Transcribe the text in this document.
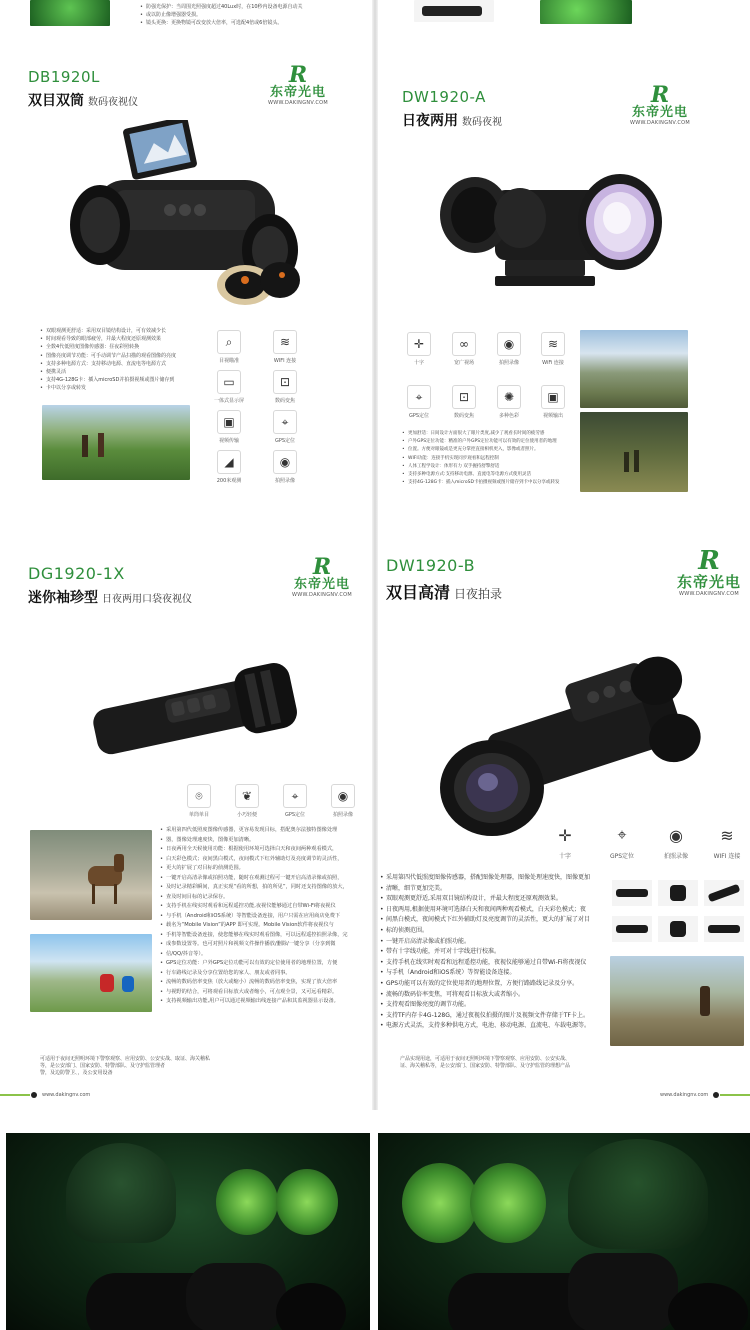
• 防强光保护：当周围光照强度超过40Lux时，在10秒内设备电源自动关
• 或以防止像增强器受损。
• 镜头更换：更换物镜可改变放大倍率，可选配4倍或6倍镜头。
DB1920L
双目双筒 数码夜视仪
R
东帝光电
WWW.DAKINGNV.COM
• 双眼观测更舒适：采用双目镜结构设计，可有效减少长
• 时间观看导致的眼部疲劳，并最大程度还原观测效果
• 全数4代低照度图像传感器：昼夜彩照转换
• 图像亮度调节功能：可手动调节产品扫描的观看图像的亮度
• 支持多种电源方式：支持移动电源、直流电等电源方式
• 便携灵活
• 支持4G-128G卡：插入microSD并拍摄视频或图片储存到
• 卡中以分享或转发
⌕
目视瞄准
≋
WIFI 连接
▭
一体式显示屏
⊡
数码变焦
▣
视频传输
⌖
GPS定位
◢
200米观测
◉
拍照录像
DW1920-A
日夜两用 数码夜视
R
东帝光电
WWW.DAKINGNV.COM
✛
十字
∞
宽广视场
◉
拍照录像
≋
WiFi 连接
⌖
GPS定位
⊡
数码变焦
✺
多种色彩
▣
视频输出
• 更加舒适：日间设计方面很大了眼片类度,减少了观看长时间的疲劳感
• 户外GPS定位功能：精准的户外GPS定位功能可以有效的定位使用者的地理
• 位置。方便对眼镜或是更充分掌控直接相机更入，影像或者照片。
• WIFI功能：连接手机实现同步观看和远程控制
• 人体工程学设计：体形有力 双手握持舒擎舒适
• 支持多种电源方式:支持移动电源、直流电等电源方式使用灵活
• 支持4G-128G卡：插入microSD卡拍摄视频或图片储存到卡中以分享或转发
DG1920-1X
迷你袖珍型 日夜两用口袋夜视仪
R
东帝光电
WWW.DAKINGNV.COM
⌾
单筒单目
❦
小巧轻便
⌖
GPS定位
◉
拍照录像
• 采用第四代低照度图像传感器，更容易发现目标，搭配奥尔法独特图像处理
• 器，图像处理速度快，图像更加清晰。
• 日夜两用全天候使用功能：根据使用环境可选择白天和夜间两种观看模式，
• 白天彩色模式；夜间黑白模式，夜间模式下红外辅助灯及亮度调节的灵活性，
• 更大的扩展了对目标的侦测范围。
• 一键开启高清录像或拍照功能，随时在观测过程可一键开启高清录像或拍照，
• 及时记录精彩瞬间，真正实现“看的所想，拍的所见”，同时还支持图像的放大，
• 查及时间目标的记录保存。
• 支持手机在线实时观看和远程遥控功能,夜视仪能够通过自带Wi-Fi将夜视仪
• 与手机（Android和iOS系统）等智能设备连接，用户只需在应用商店免费下
• 载名为“Mobile Vision”的APP 即可实现。Mobile Vision软件将夜视仪与
• 手机等智能设备连接，使您能够在线实时观看图像，可以远程遥控拍照录像，完
• 成参数设置等。也可对照片和视频文件操作播放/删除/一键分享（分享到微
• 信/QQ/抖音等）。
• GPS定位功能：户外GPS定位功能可以有效的定位使用者的地理位置，方便
• 行车路线记录及分享位置给您的家人、朋友或者同事。
• 流畅的数码倍率变焦（放大或缩小）流畅的数码倍率变焦，实现了放大倍率
• 与视野的结合，可将观看目标放大或者缩小，可点观全景，又可远看精彩。
• 支持视频输出功能,用户可以通过视频输出线连接产品和其监视器显示设备。
DW1920-B
双目高清 日夜拍录
R
东帝光电
WWW.DAKINGNV.COM
✛
十字
⌖
GPS定位
◉
拍照录像
≋
WIFI 连接
• 采用第四代低照度图像传感器，搭配图像处理器，图像处理速度快，图像更加
• 清晰，细节更加完美。
• 双眼观测更舒适,采用双目镜结构设计，并最大程度还原观测效果。
• 日夜两用,根据使用环境可选择白天和夜间两种观看模式，白天彩色模式；夜
• 间黑白模式，夜间模式下红外辅助灯及亮度调节的灵活性，更大的扩展了对目
• 标的侦测范围。
• 一键开启高清录像或拍照功能。
• 带有十字线功能，并可对十字线进行校准。
• 支持手机在线实时观看和远程遥控功能，夜视仪能够通过自带Wi-Fi将夜视仪
• 与手机（Android和iOS系统）等智能设备连接。
• GPS功能可以有效的定位使用者的地理位置，方便行路路线记录及分享。
• 流畅的数码倍率变焦，可将观看目标放大或者缩小。
• 支持观看图像亮度的调节功能。
• 支持TF内存卡4G-128G，通过夜视仪拍摄的图片及视频文件存储于TF卡上。
• 电源方式灵活，支持多种供电方式，电池、移动电源、直流电、车载电源等。
可适用于夜间无照明环境下警察观察、应用安防、公安实战、取证、海关稽私
等，是公安部门、国家安防、特警部队、及守护监管理者
警，及边防警卫、，及公安用设备
产品实现用途，可适用于夜间无照明环境下警察观察、应用安防、公安实战、
证、海关稽私等，是公安部门、国家安防、特警部队、及守护监管的理想产品
www.dakingnv.com	www.dakingnv.com
